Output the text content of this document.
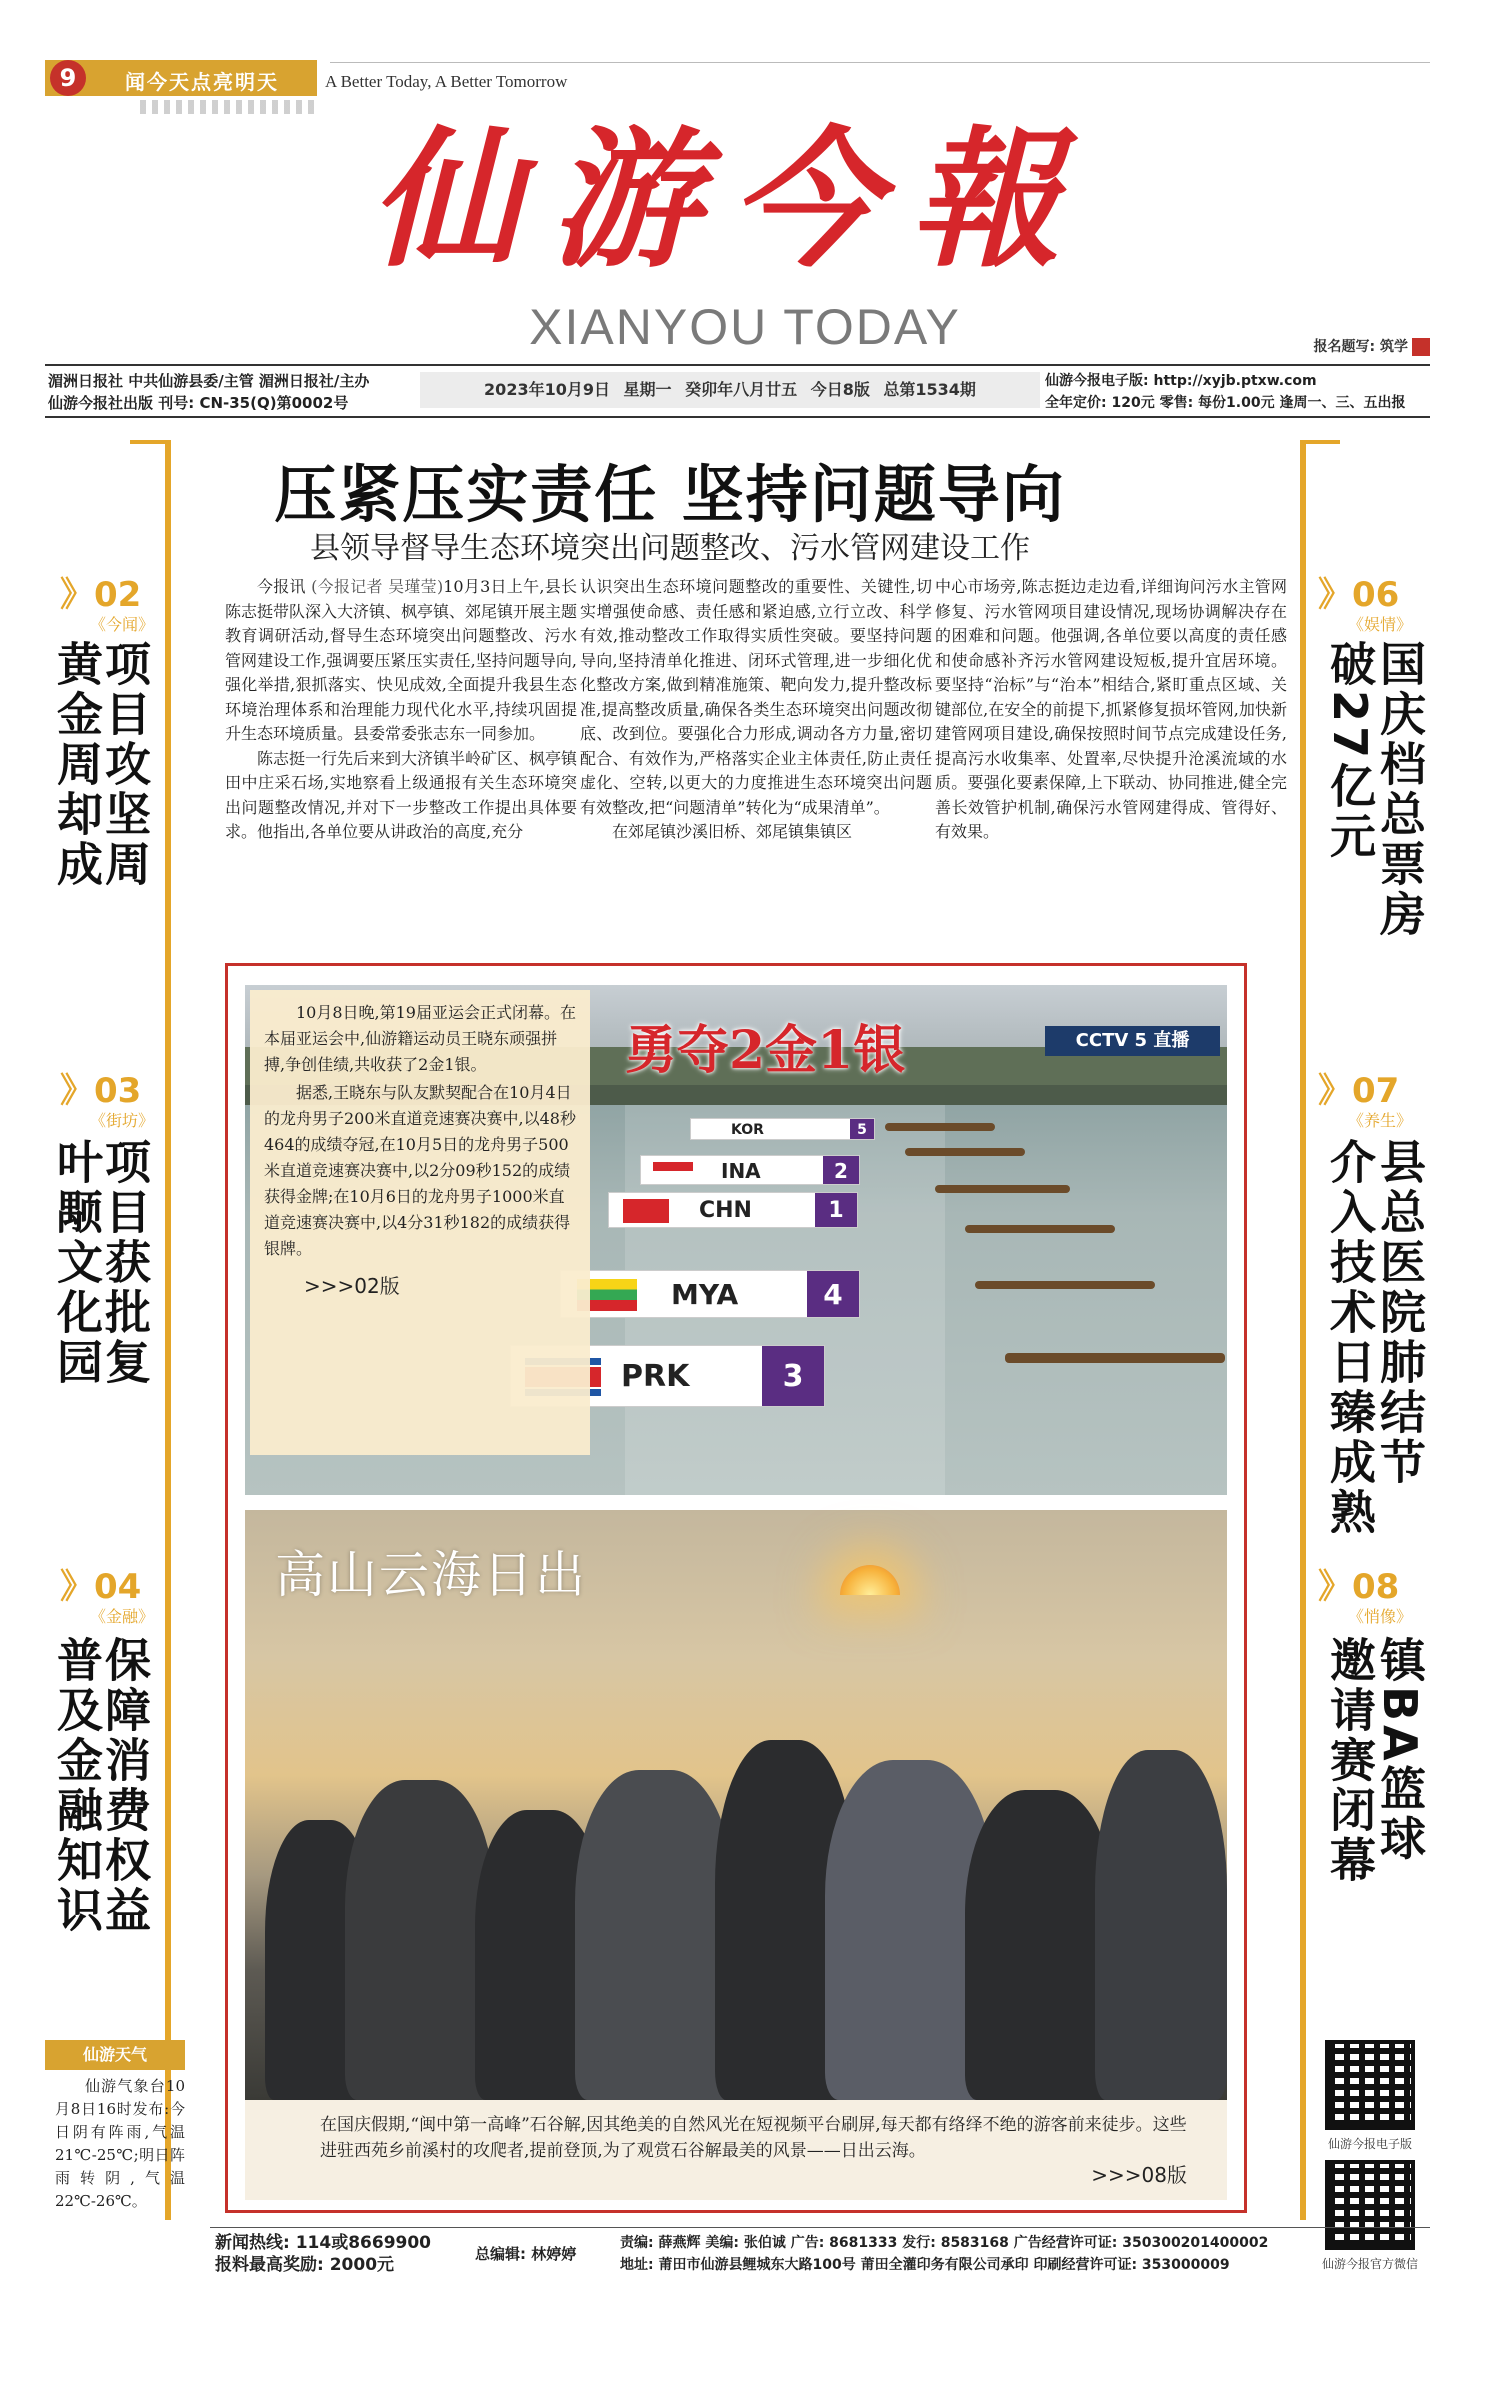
9	闻今天点亮明天	A Better Today, A Better Tomorrow
仙游今報
XIANYOU TODAY	报名题写: 筑学
湄洲日报社 中共仙游县委/主管 湄洲日报社/主办
仙游今报社出版 刊号: CN-35(Q)第0002号
2023年10月9日 星期一 癸卯年八月廿五 今日8版 总第1534期	仙游今报电子版: http://xyjb.ptxw.com
全年定价: 120元 零售: 每份1.00元 逢周一、三、五出报
》02
《今闻》
项目攻坚周
黄金周却成
》03
《街坊》
项目获批复
叶颙文化园
》04
《金融》
保障消费权益
普及金融知识
》06
《娱情》
国庆档总票房
破27亿元
》07
《养生》
县总医院肺结节
介入技术日臻成熟
》08
《悄像》
镇BA篮球
邀请赛闭幕
压紧压实责任 坚持问题导向
县领导督导生态环境突出问题整改、污水管网建设工作

今报讯 (今报记者 吴瑾莹)10月3日上午,县长陈志挺带队深入大济镇、枫亭镇、郊尾镇开展主题教育调研活动,督导生态环境突出问题整改、污水管网建设工作,强调要压紧压实责任,坚持问题导向,强化举措,狠抓落实、快见成效,全面提升我县生态环境治理体系和治理能力现代化水平,持续巩固提升生态环境质量。县委常委张志东一同参加。

陈志挺一行先后来到大济镇半岭矿区、枫亭镇田中庄采石场,实地察看上级通报有关生态环境突出问题整改情况,并对下一步整改工作提出具体要求。他指出,各单位要从讲政治的高度,充分

认识突出生态环境问题整改的重要性、关键性,切实增强使命感、责任感和紧迫感,立行立改、科学有效,推动整改工作取得实质性突破。要坚持问题导向,坚持清单化推进、闭环式管理,进一步细化优化整改方案,做到精准施策、靶向发力,提升整改标准,提高整改质量,确保各类生态环境突出问题改彻底、改到位。要强化合力形成,调动各方力量,密切配合、有效作为,严格落实企业主体责任,防止责任虚化、空转,以更大的力度推进生态环境突出问题有效整改,把“问题清单”转化为“成果清单”。

在郊尾镇沙溪旧桥、郊尾镇集镇区

中心市场旁,陈志挺边走边看,详细询问污水主管网修复、污水管网项目建设情况,现场协调解决存在的困难和问题。他强调,各单位要以高度的责任感和使命感补齐污水管网建设短板,提升宜居环境。要坚持“治标”与“治本”相结合,紧盯重点区域、关键部位,在安全的前提下,抓紧修复损坏管网,加快新建管网项目建设,确保按照时间节点完成建设任务,提高污水收集率、处置率,尽快提升沧溪流域的水质。要强化要素保障,上下联动、协同推进,健全完善长效管护机制,确保污水管网建得成、管得好、有效果。

CCTV 5 直播
勇夺2金1银
KOR	5
INA	2
CHN	1
MYA	4
PRK	3

10月8日晚,第19届亚运会正式闭幕。在本届亚运会中,仙游籍运动员王晓东顽强拼搏,争创佳绩,共收获了2金1银。

据悉,王晓东与队友默契配合在10月4日的龙舟男子200米直道竞速赛决赛中,以48秒464的成绩夺冠,在10月5日的龙舟男子500米直道竞速赛决赛中,以2分09秒152的成绩获得金牌;在10月6日的龙舟男子1000米直道竞速赛决赛中,以4分31秒182的成绩获得银牌。

>>>02版
高山云海日出
在国庆假期,“闽中第一高峰”石谷解,因其绝美的自然风光在短视频平台刷屏,每天都有络绎不绝的游客前来徒步。这些进驻西苑乡前溪村的攻爬者,提前登顶,为了观赏石谷解最美的风景——日出云海。
>>>08版
仙游天气
仙游气象台10月8日16时发布:今日阴有阵雨,气温21℃-25℃;明日阵雨转阴,气温22℃-26℃。
仙游今报电子版
仙游今报官方微信
新闻热线: 114或8669900
报料最高奖励: 2000元
总编辑: 林婷婷
责编: 薛燕辉 美编: 张伯诚 广告: 8681333 发行: 8583168 广告经营许可证: 350300201400002
地址: 莆田市仙游县鲤城东大路100号 莆田全灌印务有限公司承印 印刷经营许可证: 353000009
